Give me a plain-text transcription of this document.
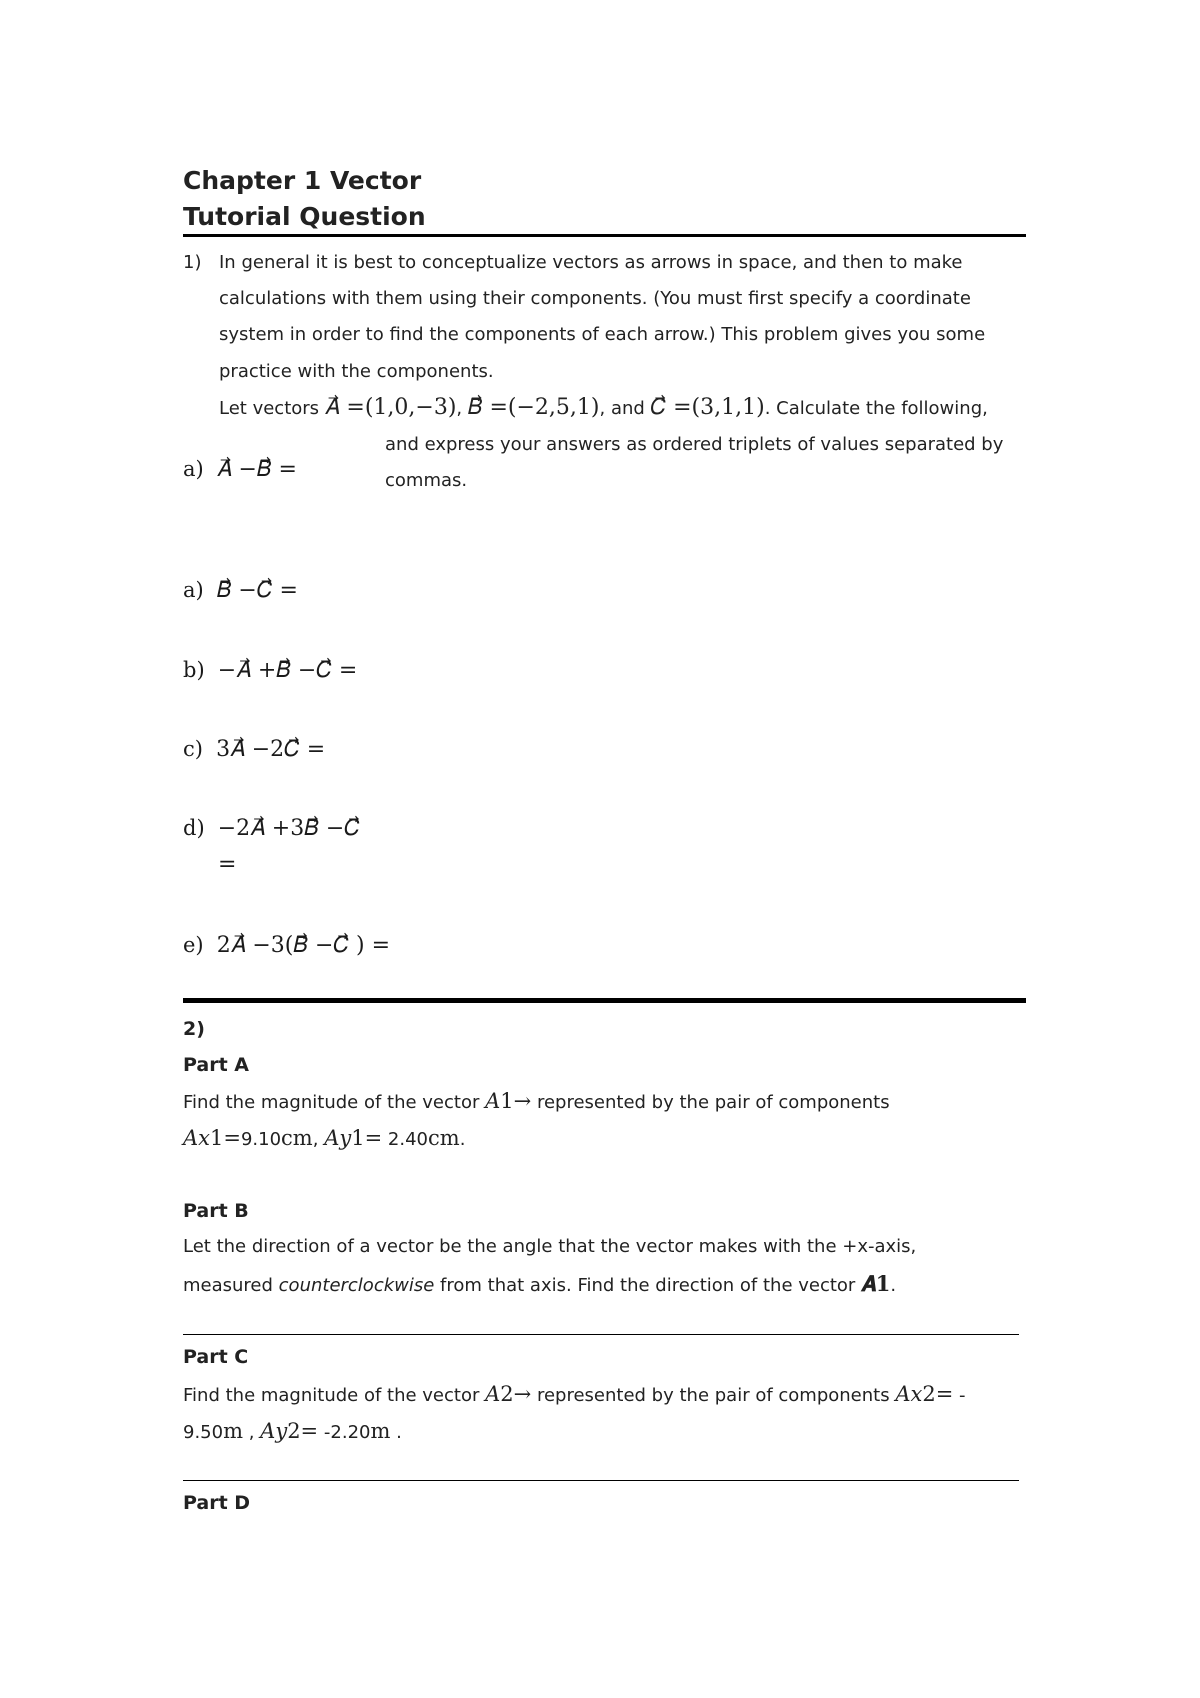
Chapter 1 Vector
Tutorial Question
1) In general it is best to conceptualize vectors as arrows in space, and then to make
calculations with them using their components. (You must first specify a coordinate
system in order to find the components of each arrow.) This problem gives you some
practice with the components.
Let vectors 𝐴⃗ =(1,0,−3), 𝐵⃗ =(−2,5,1), and 𝐶⃗ =(3,1,1). Calculate the following,
and express your answers as ordered triplets of values separated by
commas.
a) 𝐴⃗ −𝐵⃗ =
a) 𝐵⃗ −𝐶⃗ =
b) −𝐴⃗ +𝐵⃗ −𝐶⃗ =
c) 3𝐴⃗ −2𝐶⃗ =
d) −2𝐴⃗ +3𝐵⃗ −𝐶⃗
=
e) 2𝐴⃗ −3(𝐵⃗ −𝐶⃗ ) =
2)
Part A
Find the magnitude of the vector 𝐴1→ represented by the pair of components
𝐴𝑥1=9.10cm, 𝐴𝑦1= 2.40cm.
Part B
Let the direction of a vector be the angle that the vector makes with the +x-axis,
measured counterclockwise from that axis. Find the direction of the vector 𝑨𝟏.
Part C
Find the magnitude of the vector 𝐴2→ represented by the pair of components 𝐴𝑥2= -
9.50m , 𝐴𝑦2= -2.20m .
Part D
